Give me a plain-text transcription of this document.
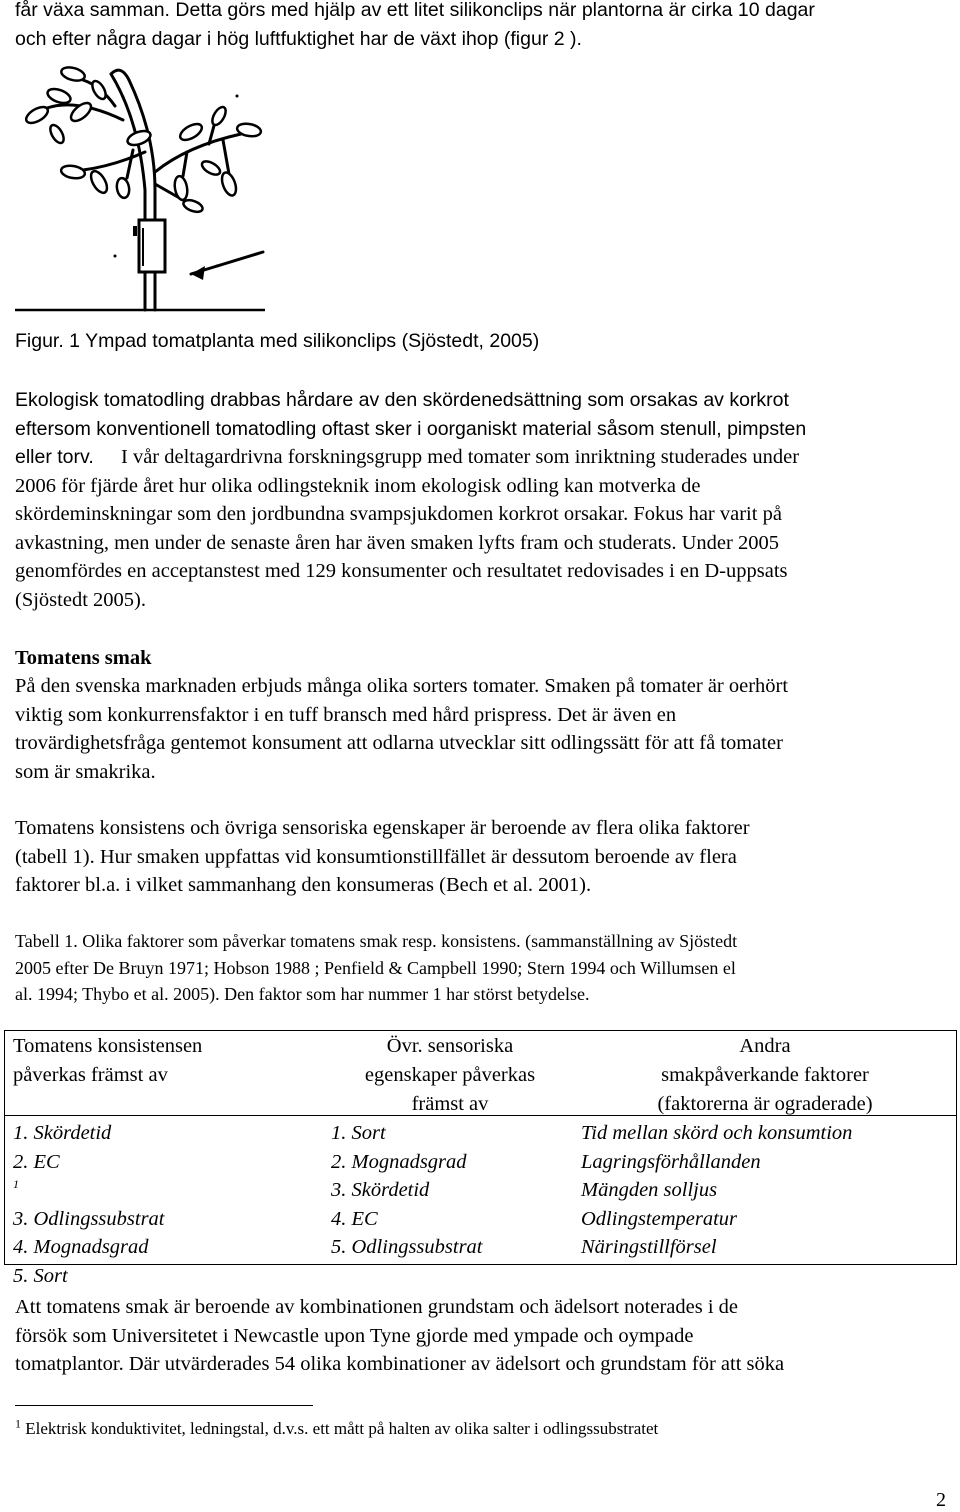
får växa samman. Detta görs med hjälp av ett litet silikonclips när plantorna är cirka 10 dagar
och efter några dagar i hög luftfuktighet har de växt ihop (figur 2 ).
Figur. 1 Ympad tomatplanta med silikonclips (Sjöstedt, 2005)
Ekologisk tomatodling drabbas hårdare av den skördenedsättning som orsakas av korkrot
eftersom konventionell tomatodling oftast sker i oorganiskt material såsom stenull, pimpsten
eller torv. I vår deltagardrivna forskningsgrupp med tomater som inriktning studerades under
2006 för fjärde året hur olika odlingsteknik inom ekologisk odling kan motverka de
skördeminskningar som den jordbundna svampsjukdomen korkrot orsakar. Fokus har varit på
avkastning, men under de senaste åren har även smaken lyfts fram och studerats. Under 2005
genomfördes en acceptanstest med 129 konsumenter och resultatet redovisades i en D-uppsats
(Sjöstedt 2005).
Tomatens smak
På den svenska marknaden erbjuds många olika sorters tomater. Smaken på tomater är oerhört
viktig som konkurrensfaktor i en tuff bransch med hård prispress. Det är även en
trovärdighetsfråga gentemot konsument att odlarna utvecklar sitt odlingssätt för att få tomater
som är smakrika.
Tomatens konsistens och övriga sensoriska egenskaper är beroende av flera olika faktorer
(tabell 1). Hur smaken uppfattas vid konsumtionstillfället är dessutom beroende av flera
faktorer bl.a. i vilket sammanhang den konsumeras (Bech et al. 2001).
Tabell 1. Olika faktorer som påverkar tomatens smak resp. konsistens. (sammanställning av Sjöstedt
2005 efter De Bruyn 1971; Hobson 1988 ; Penfield & Campbell 1990; Stern 1994 och Willumsen el
al. 1994; Thybo et al. 2005). Den faktor som har nummer 1 har störst betydelse.
Tomatens konsistensen
påverkas främst av
Övr. sensoriska
egenskaper påverkas
främst av
Andra
smakpåverkande faktorer
(faktorerna är ograderade)
1. Skördetid
2. EC
$^1$
3. Odlingssubstrat
4. Mognadsgrad
5. Sort
1. Sort
2. Mognadsgrad
3. Skördetid
4. EC
5. Odlingssubstrat
Tid mellan skörd och konsumtion
Lagringsförhållanden
Mängden solljus
Odlingstemperatur
Näringstillförsel
Att tomatens smak är beroende av kombinationen grundstam och ädelsort noterades i de
försök som Universitetet i Newcastle upon Tyne gjorde med ympade och oympade
tomatplantor. Där utvärderades 54 olika kombinationer av ädelsort och grundstam för att söka
$^1$ Elektrisk konduktivitet, ledningstal, d.v.s. ett mått på halten av olika salter i odlingssubstratet
2
